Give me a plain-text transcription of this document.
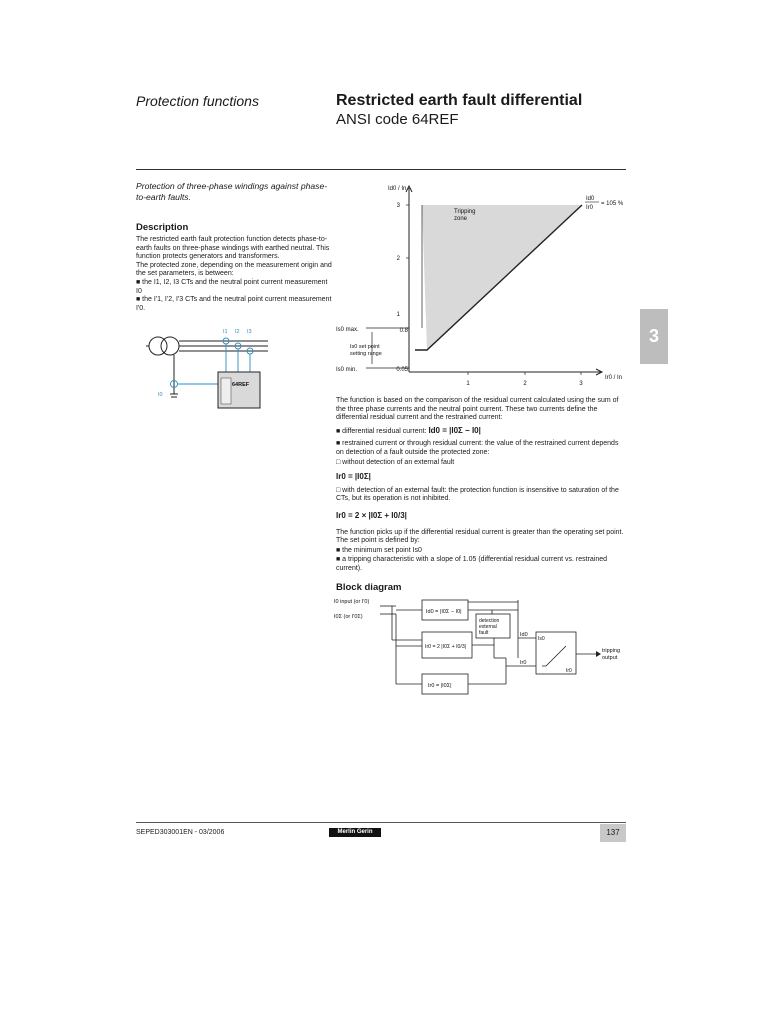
Protection functions	Restricted earth fault differential
ANSI code 64REF
Protection of three-phase windings against phase-to-earth faults.
Description

The restricted earth fault protection function detects phase-to-earth faults on three-phase windings with earthed neutral. This function protects generators and transformers.

The protected zone, depending on the measurement origin and the set parameters, is between:

■ the I1, I2, I3 CTs and the neutral point current measurement I0

■ the I'1, I'2, I'3 CTs and the neutral point current measurement I'0.

64REF
I1 I2 I3
I0
3
Id0 / In
Ir0 / In
3
2
1
0.8
0.05
1	2	3
Tripping
zone
Id0
Ir0
= 105 %
Is0 max.
Is0 min.
Is0 set point
setting range

The function is based on the comparison of the residual current calculated using the sum of the three phase currents and the neutral point current. These two currents define the differential residual current and the restrained current:

■ differential residual current: Id0 = |I0Σ − I0|

■ restrained current or through residual current: the value of the restrained current depends on detection of a fault outside the protected zone:

□ without detection of an external fault

Ir0 = |I0Σ|

□ with detection of an external fault: the protection function is insensitive to saturation of the CTs, but its operation is not inhibited.

Ir0 = 2 × |I0Σ + I0/3|

The function picks up if the differential residual current is greater than the operating set point. The set point is defined by:

■ the minimum set point Is0

■ a tripping characteristic with a slope of 1.05 (differential residual current vs. restrained current).

Block diagram
I0 input (or I'0)
I0Σ (or I'0Σ)
Id0 = |I0Σ − I0|
Ir0 = 2 |I0Σ + I0/3|
Ir0 = |I0Σ|
detection
external
fault	Id0
Ir0
Is0
Ir0
tripping
output
SEPED303001EN - 03/2006	Merlin Gerin	137
